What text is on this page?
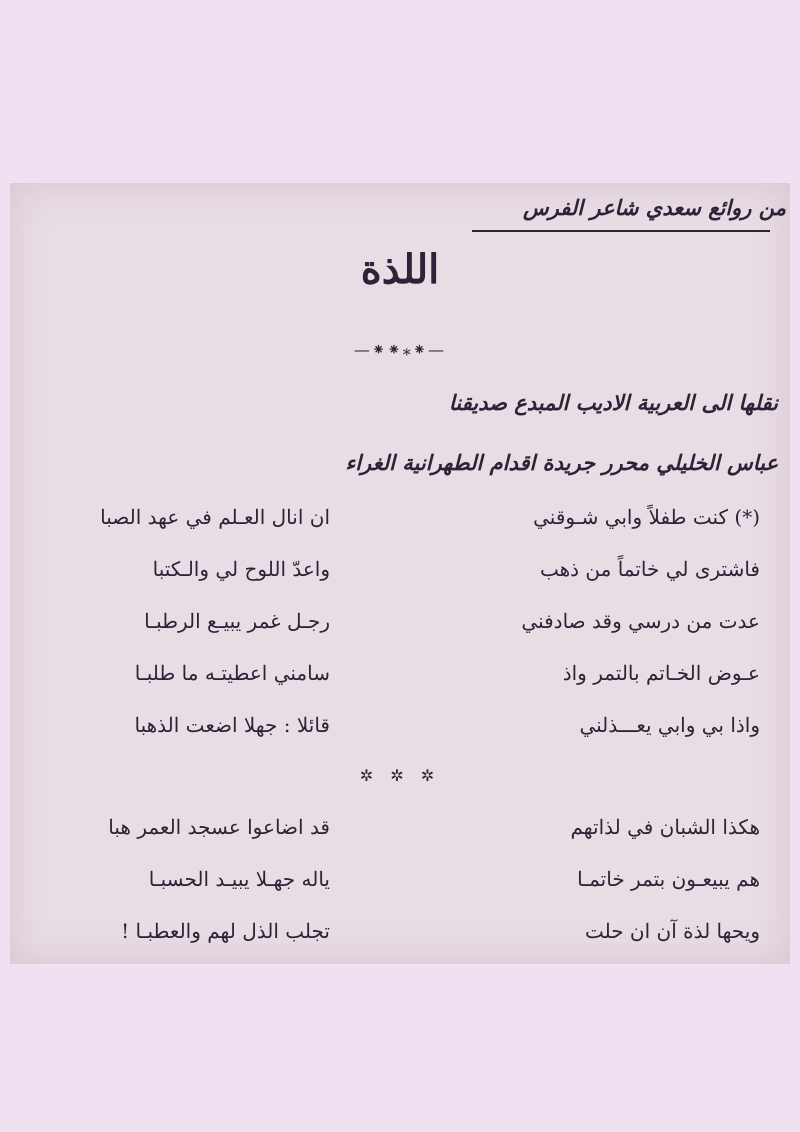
من روائع سعدي شاعر الفرس
اللذة
—⁕⁕⁎⁕—
نقلها الى العربية الاديب المبدع صديقنا
عباس الخليلي محرر جريدة اقدام الطهرانية الغراء
(*) كنت طفلاً وابي شـوقني
ان انال العـلم في عهد الصبا
فاشترى لي خاتماً من ذهب
واعدّ اللوح لي والـكتبا
عدت من درسي وقد صادفني
رجـل غمر يبيـع الرطبـا
عـوض الخـاتم بالتمر واذ
سامني اعطيتـه ما طلبـا
واذا بي وابي يعـــذلني
قائلا : جهلا اضعت الذهبا
✲ ✲ ✲
هكذا الشبان في لذاتهم
قد اضاعوا عسجد العمر هبا
هم يبيعـون بتمر خاتمـا
ياله جهـلا يبيـد الحسبـا
ويحها لذة آن ان حلت
تجلب الذل لهم والعطبـا !
